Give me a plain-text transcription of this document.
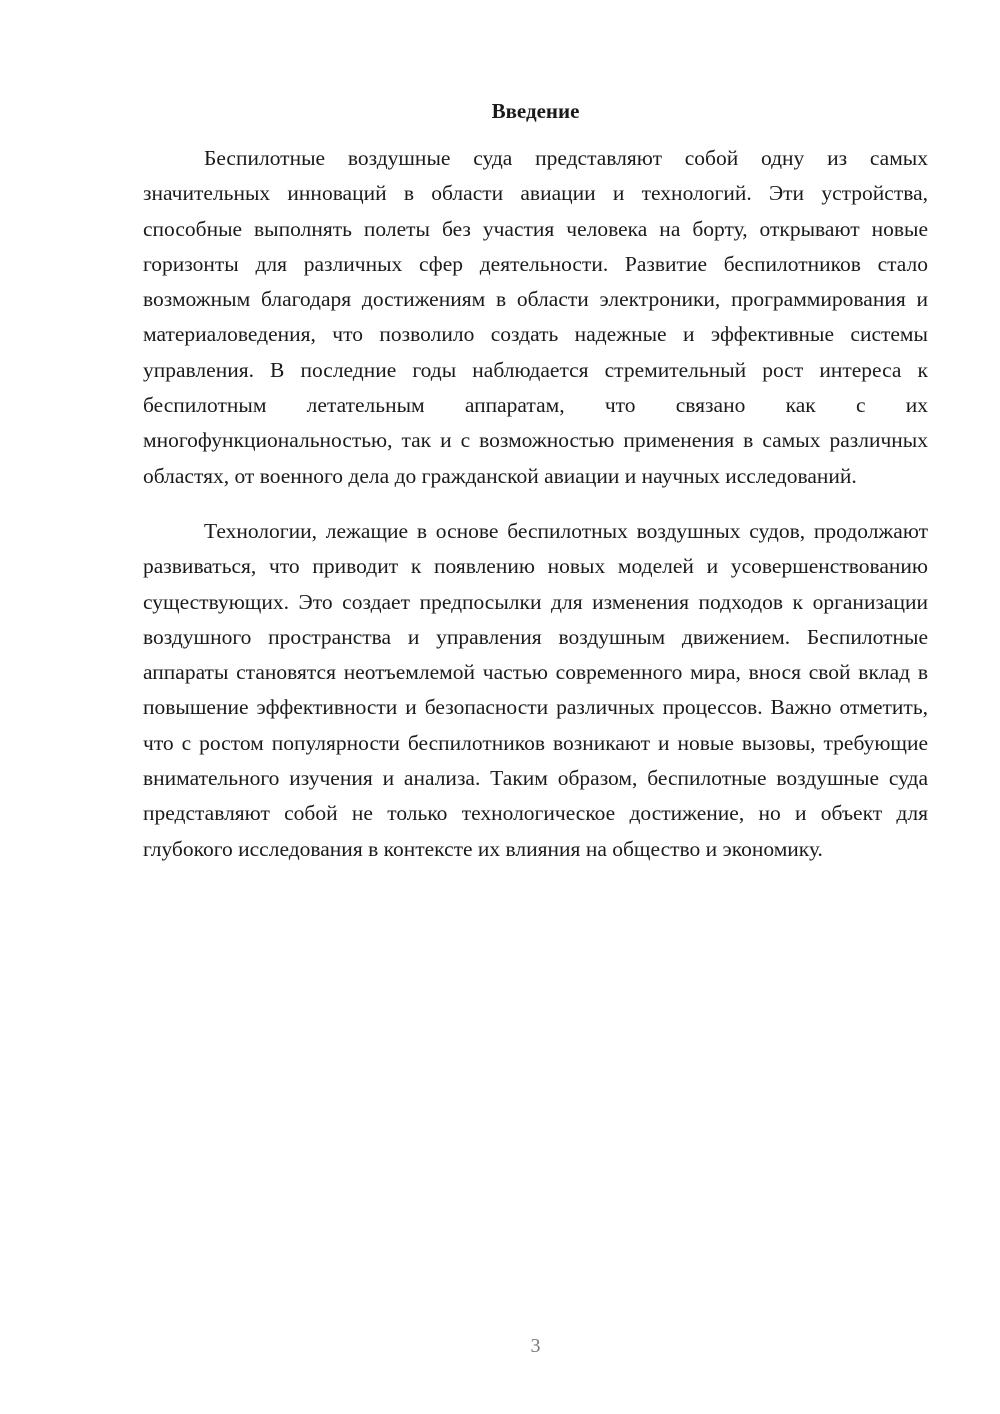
Введение

Беспилотные воздушные суда представляют собой одну из самых значительных инноваций в области авиации и технологий. Эти устройства, способные выполнять полеты без участия человека на борту, открывают новые горизонты для различных сфер деятельности. Развитие беспилотников стало возможным благодаря достижениям в области электроники, программирования и материаловедения, что позволило создать надежные и эффективные системы управления. В последние годы наблюдается стремительный рост интереса к беспилотным летательным аппаратам, что связано как с их многофункциональностью, так и с возможностью применения в самых различных областях, от военного дела до гражданской авиации и научных исследований.

Технологии, лежащие в основе беспилотных воздушных судов, продолжают развиваться, что приводит к появлению новых моделей и усовершенствованию существующих. Это создает предпосылки для изменения подходов к организации воздушного пространства и управления воздушным движением. Беспилотные аппараты становятся неотъемлемой частью современного мира, внося свой вклад в повышение эффективности и безопасности различных процессов. Важно отметить, что с ростом популярности беспилотников возникают и новые вызовы, требующие внимательного изучения и анализа. Таким образом, беспилотные воздушные суда представляют собой не только технологическое достижение, но и объект для глубокого исследования в контексте их влияния на общество и экономику.

3
